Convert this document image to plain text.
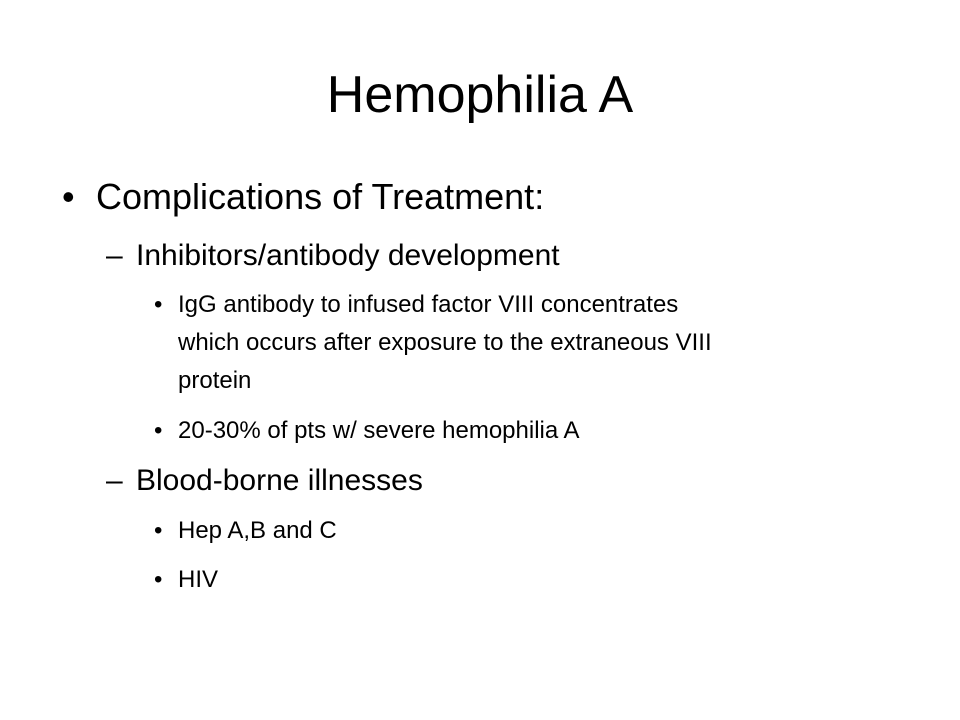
Hemophilia A
• Complications of Treatment:
– Inhibitors/antibody development
• IgG antibody to infused factor VIII concentrates
which occurs after exposure to the extraneous VIII
protein
• 20-30% of pts w/ severe hemophilia A
– Blood-borne illnesses
• Hep A,B and C
• HIV
